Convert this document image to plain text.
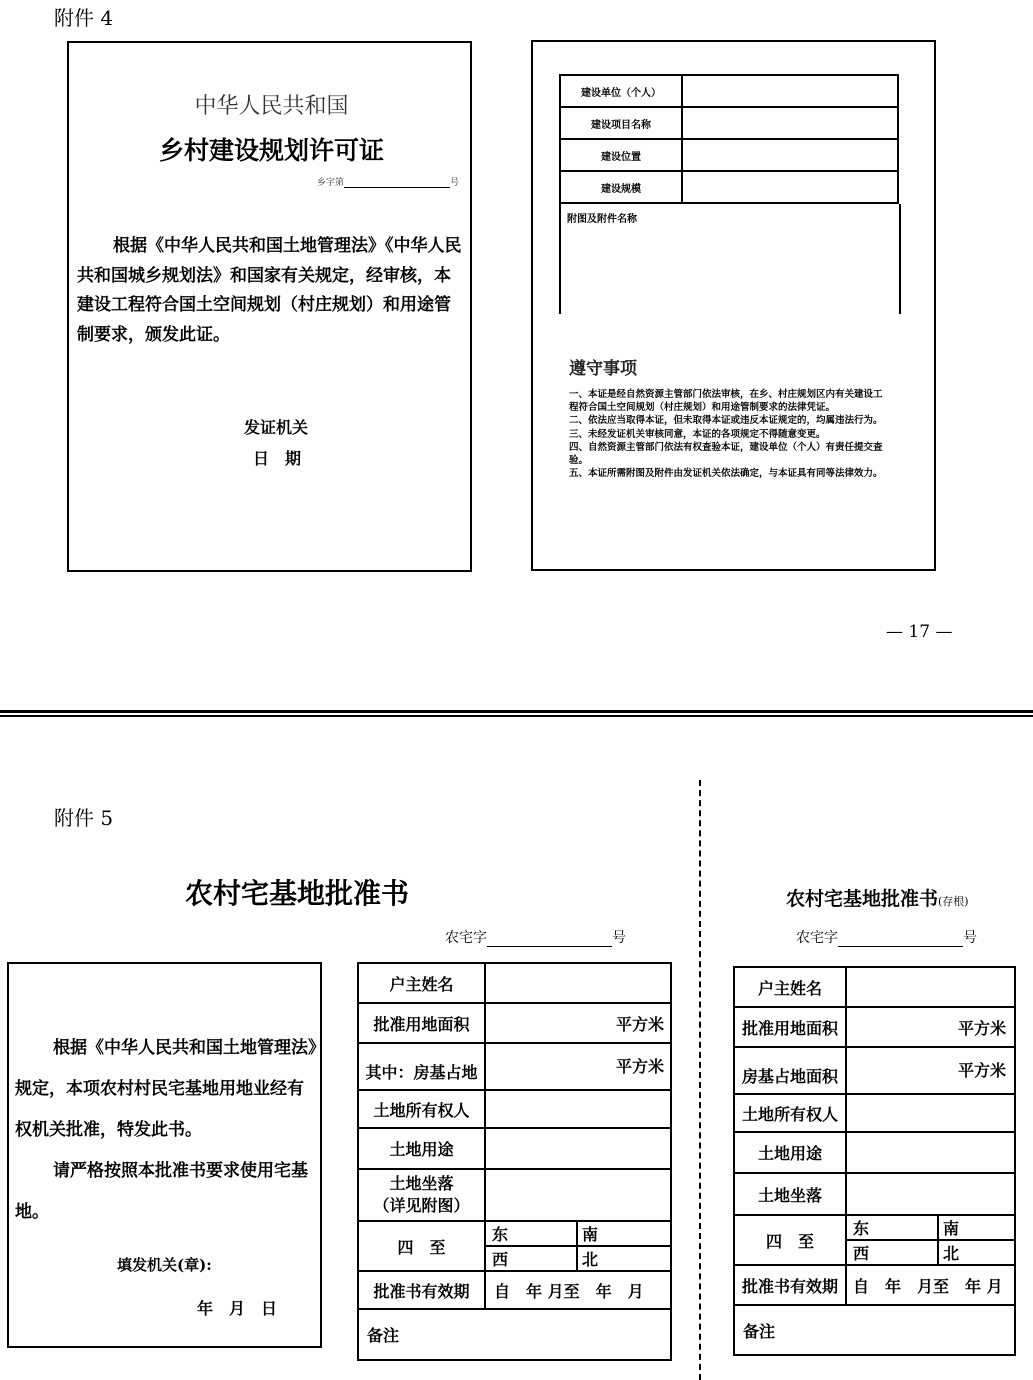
附件 4
中华人民共和国
乡村建设规划许可证
乡字第	号
根据《中华人民共和国土地管理法》《中华人民共和国城乡规划法》和国家有关规定，经审核，本建设工程符合国土空间规划（村庄规划）和用途管制要求，颁发此证。
发证机关
日　期
建设单位（个人）	
建设项目名称	
建设位置	
建设规模	
附图及附件名称
遵守事项
一、本证是经自然资源主管部门依法审核，在乡、村庄规划区内有关建设工程符合国土空间规划（村庄规划）和用途管制要求的法律凭证。
二、依法应当取得本证，但未取得本证或违反本证规定的，均属违法行为。
三、未经发证机关审核同意，本证的各项规定不得随意变更。
四、自然资源主管部门依法有权查验本证，建设单位（个人）有责任提交查验。
五、本证所需附图及附件由发证机关依法确定，与本证具有同等法律效力。
— 17 —
附件 5
农村宅基地批准书
农宅字	号
根据《中华人民共和国土地管理法》规定，本项农村村民宅基地用地业经有权机关批准，特发此书。
请严格按照本批准书要求使用宅基地。
填发机关(章):
年　月　日
户主姓名		
批准用地面积	平方米	
其中：房基占地	平方米	
土地所有权人		
土地用途		

土地坐落
（详见附图）		

四　至	东	南
	西	北
批准书有效期	自　年 月至　年　月	
备注		
农村宅基地批准书(存根)
农宅字	号
户主姓名		
批准用地面积	平方米	
房基占地面积	平方米	
土地所有权人		
土地用途		
土地坐落		
四　至	东	南
	西	北
批准书有效期	自　年　月至　年 月	
备注		
